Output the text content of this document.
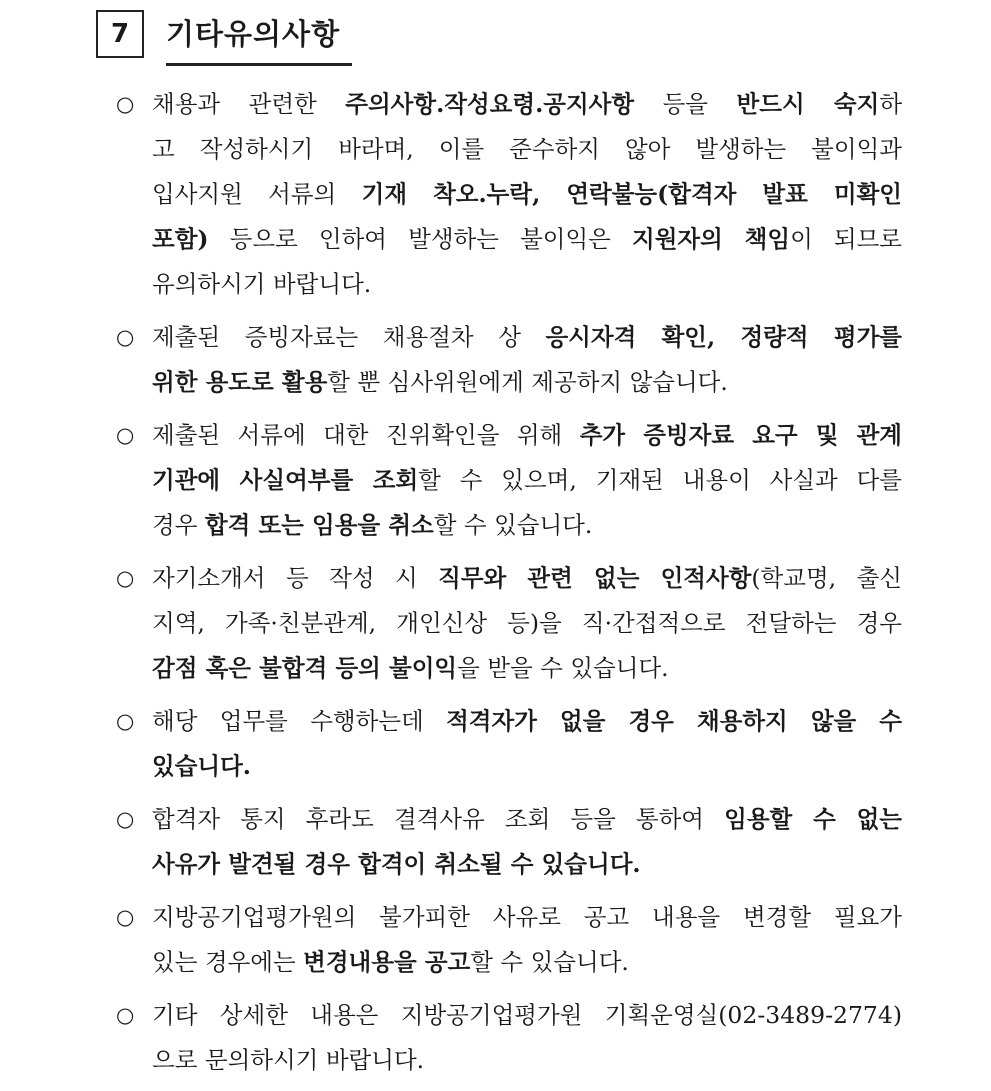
7	기타유의사항
○ 채용과 관련한 주의사항.작성요령.공지사항 등을 반드시 숙지하
고 작성하시기 바라며, 이를 준수하지 않아 발생하는 불이익과
입사지원 서류의 기재 착오.누락, 연락불능(합격자 발표 미확인
포함) 등으로 인하여 발생하는 불이익은 지원자의 책임이 되므로
유의하시기 바랍니다.
○ 제출된 증빙자료는 채용절차 상 응시자격 확인, 정량적 평가를
위한 용도로 활용할 뿐 심사위원에게 제공하지 않습니다.
○ 제출된 서류에 대한 진위확인을 위해 추가 증빙자료 요구 및 관계
기관에 사실여부를 조회할 수 있으며, 기재된 내용이 사실과 다를
경우 합격 또는 임용을 취소할 수 있습니다.
○ 자기소개서 등 작성 시 직무와 관련 없는 인적사항(학교명, 출신
지역, 가족·친분관계, 개인신상 등)을 직·간접적으로 전달하는 경우
감점 혹은 불합격 등의 불이익을 받을 수 있습니다.
○ 해당 업무를 수행하는데 적격자가 없을 경우 채용하지 않을 수
있습니다.
○ 합격자 통지 후라도 결격사유 조회 등을 통하여 임용할 수 없는
사유가 발견될 경우 합격이 취소될 수 있습니다.
○ 지방공기업평가원의 불가피한 사유로 공고 내용을 변경할 필요가
있는 경우에는 변경내용을 공고할 수 있습니다.
○ 기타 상세한 내용은 지방공기업평가원 기획운영실(02-3489-2774)
으로 문의하시기 바랍니다.
